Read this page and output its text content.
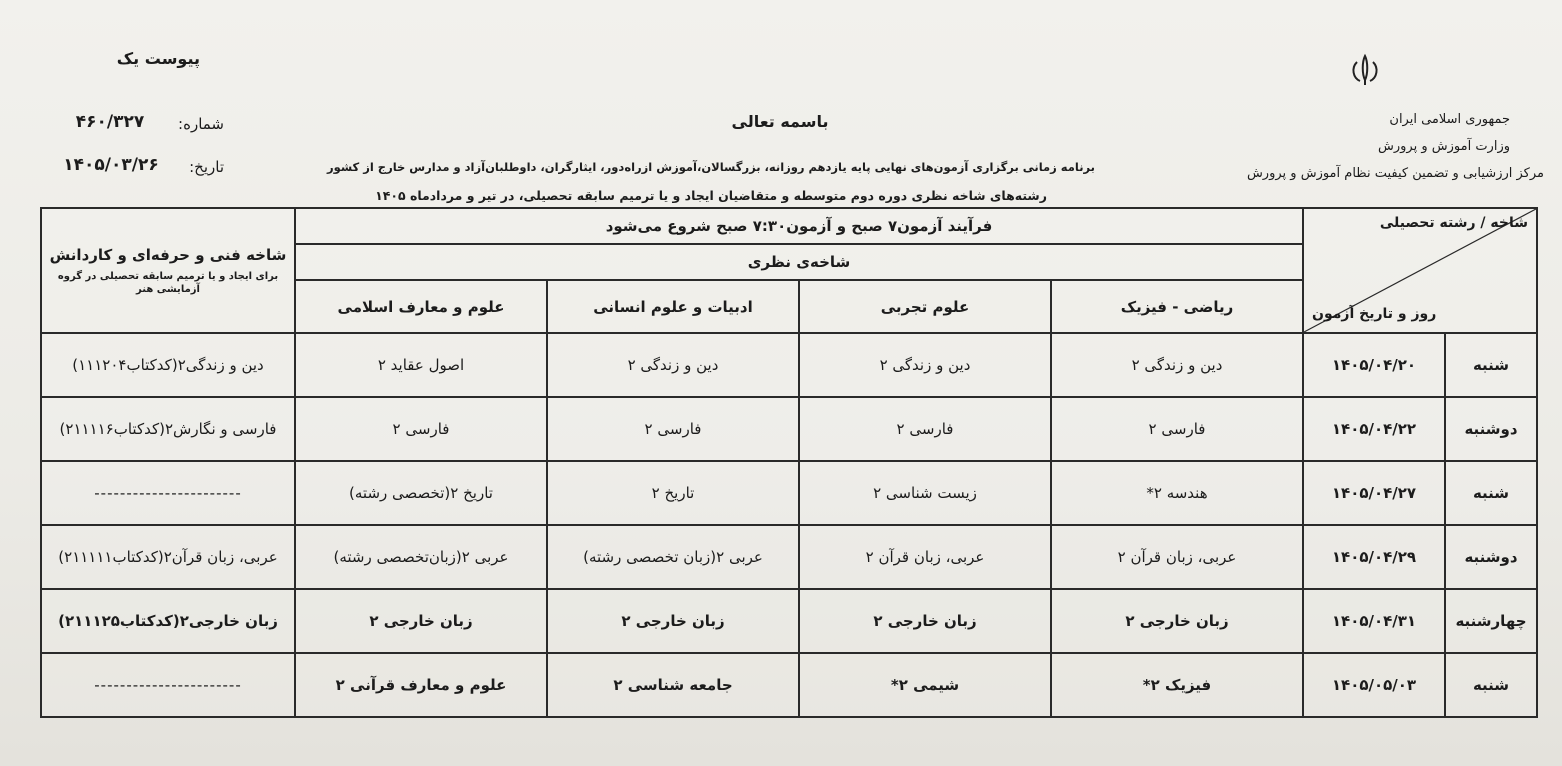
پیوست یک
باسمه تعالی
شماره:
۴۶۰/۳۲۷
تاریخ:
۱۴۰۵/۰۳/۲۶
جمهوری اسلامی ایران
وزارت آموزش و پرورش
مرکز ارزشیابی و تضمین کیفیت نظام آموزش و پرورش
برنامه زمانی برگزاری آزمون‌های نهایی پایه یازدهم روزانه، بزرگسالان،آموزش ازراه‌دور، ایثارگران، داوطلبان‌آزاد و مدارس خارج از کشور
رشته‌های شاخه نظری دوره دوم متوسطه و متقاضیان ایجاد و یا ترمیم سابقه تحصیلی، در تیر و مردادماه ۱۴۰۵
شاخه / رشته تحصیلی
روز و تاریخ آزمون		فرآیند آزمون۷ صبح و آزمون۷:۳۰ صبح شروع می‌شود				شاخه فنی و حرفه‌ای و کاردانش
برای ایجاد و یا ترمیم سابقه تحصیلی در گروه آزمایشی هنر

		شاخه‌ی نظری				
		ریاضی - فیزیک	علوم تجربی	ادبیات و علوم انسانی	علوم و معارف اسلامی	
شنبه	۱۴۰۵/۰۴/۲۰	دین و زندگی ۲	دین و زندگی ۲	دین و زندگی ۲	اصول عقاید ۲	دین و زندگی۲(کدکتاب۱۱۱۲۰۴)
دوشنبه	۱۴۰۵/۰۴/۲۲	فارسی ۲	فارسی ۲	فارسی ۲	فارسی ۲	فارسی و نگارش۲(کدکتاب۲۱۱۱۱۶)
شنبه	۱۴۰۵/۰۴/۲۷	هندسه ۲*	زیست شناسی ۲	تاریخ ۲	تاریخ ۲(تخصصی رشته)	-----------------------
دوشنبه	۱۴۰۵/۰۴/۲۹	عربی، زبان قرآن ۲	عربی، زبان قرآن ۲	عربی ۲(زبان تخصصی رشته)	عربی ۲(زبان‌تخصصی رشته)	عربی، زبان قرآن۲(کدکتاب۲۱۱۱۱۱)
چهارشنبه	۱۴۰۵/۰۴/۳۱	زبان خارجی ۲	زبان خارجی ۲	زبان خارجی ۲	زبان خارجی ۲	زبان خارجی۲(کدکتاب۲۱۱۱۲۵)
شنبه	۱۴۰۵/۰۵/۰۳	فیزیک ۲*	شیمی ۲*	جامعه شناسی ۲	علوم و معارف قرآنی ۲	-----------------------
